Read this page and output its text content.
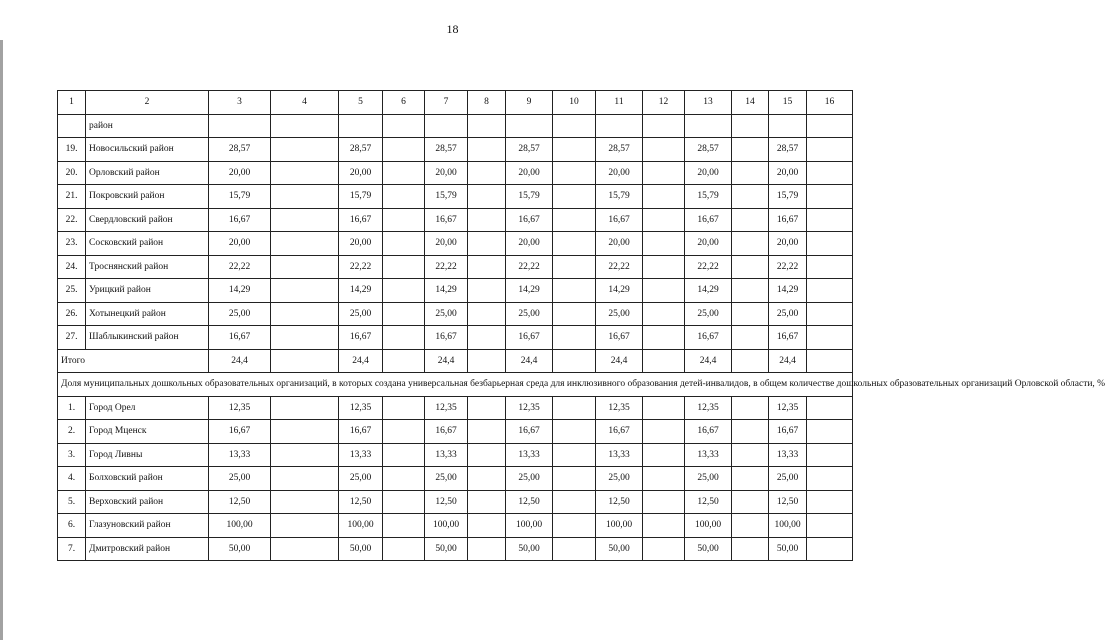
18
1	2	3	4	5	6	7	8	9	10	11	12	13	14	15	16
	район														
19.	Новосильский район	28,57		28,57		28,57		28,57		28,57		28,57		28,57	
20.	Орловский район	20,00		20,00		20,00		20,00		20,00		20,00		20,00	
21.	Покровский район	15,79		15,79		15,79		15,79		15,79		15,79		15,79	
22.	Свердловский район	16,67		16,67		16,67		16,67		16,67		16,67		16,67	
23.	Сосковский район	20,00		20,00		20,00		20,00		20,00		20,00		20,00	
24.	Троснянский район	22,22		22,22		22,22		22,22		22,22		22,22		22,22	
25.	Урицкий район	14,29		14,29		14,29		14,29		14,29		14,29		14,29	
26.	Хотынецкий район	25,00		25,00		25,00		25,00		25,00		25,00		25,00	
27.	Шаблыкинский район	16,67		16,67		16,67		16,67		16,67		16,67		16,67	
Итого		24,4		24,4		24,4		24,4		24,4		24,4		24,4	
Доля муниципальных дошкольных образовательных организаций, в которых создана универсальная безбарьерная среда для инклюзивного образования детей-инвалидов, в общем количестве дошкольных образовательных организаций Орловской области, %															
1.	Город Орел	12,35		12,35		12,35		12,35		12,35		12,35		12,35	
2.	Город Мценск	16,67		16,67		16,67		16,67		16,67		16,67		16,67	
3.	Город Ливны	13,33		13,33		13,33		13,33		13,33		13,33		13,33	
4.	Болховский район	25,00		25,00		25,00		25,00		25,00		25,00		25,00	
5.	Верховский район	12,50		12,50		12,50		12,50		12,50		12,50		12,50	
6.	Глазуновский район	100,00		100,00		100,00		100,00		100,00		100,00		100,00	
7.	Дмитровский район	50,00		50,00		50,00		50,00		50,00		50,00		50,00	
